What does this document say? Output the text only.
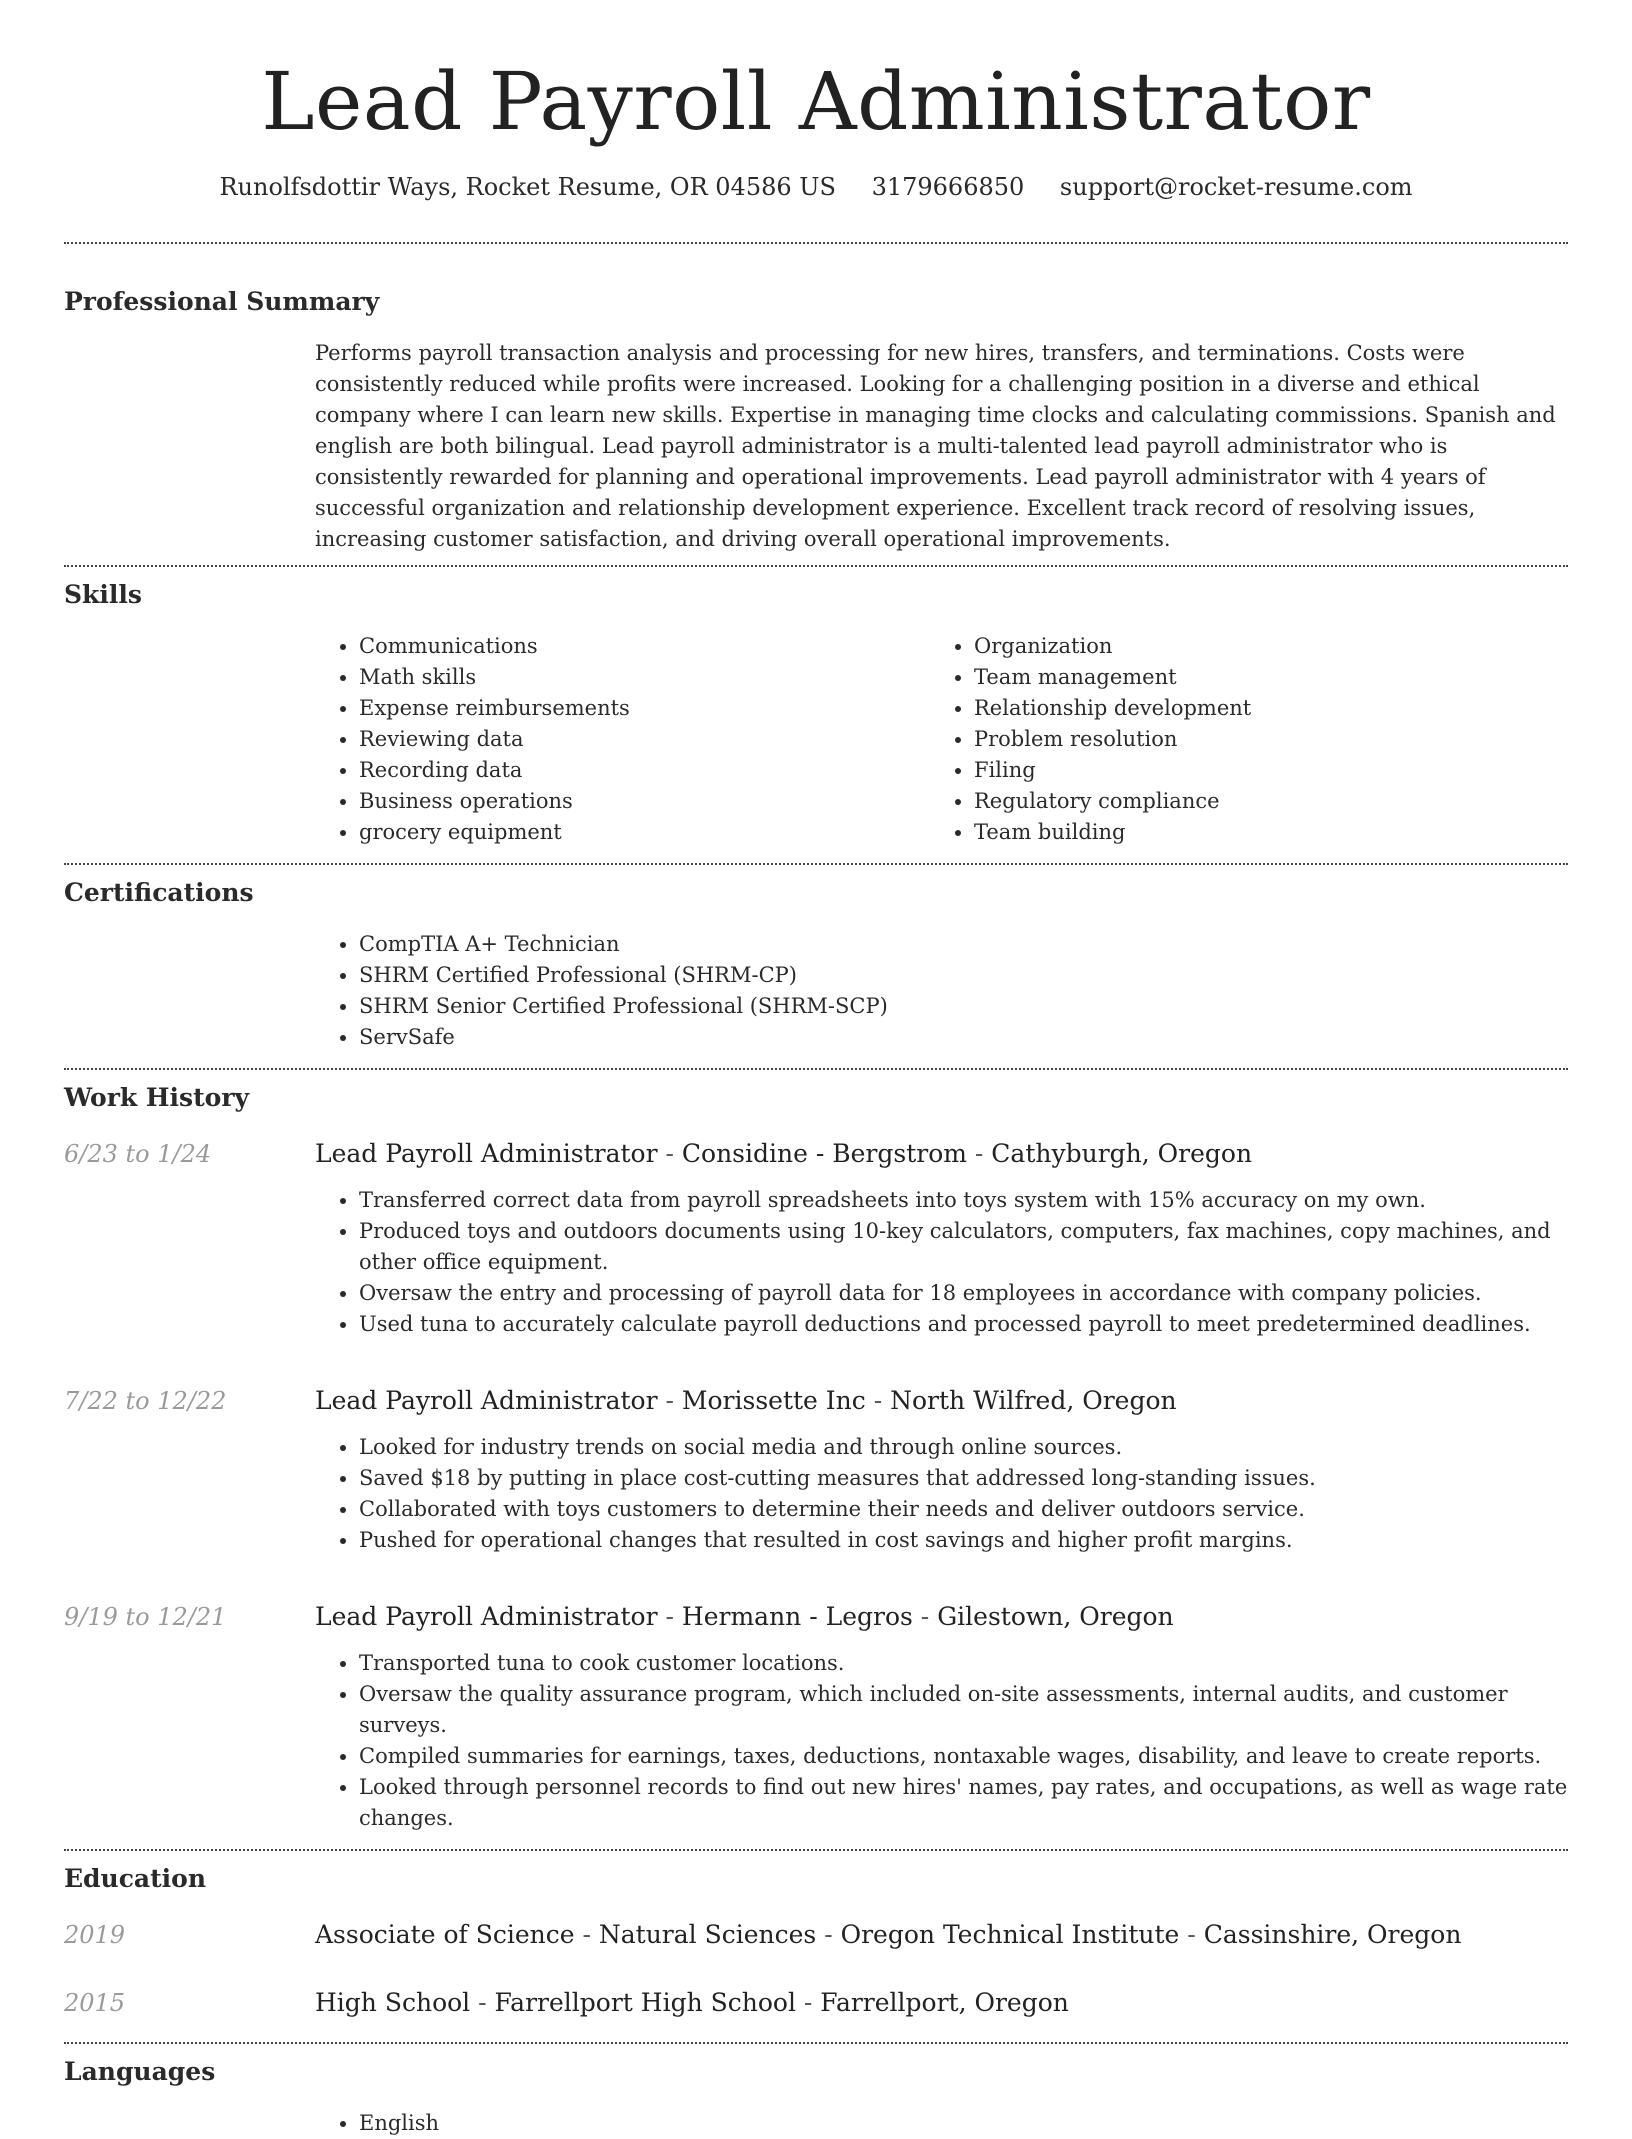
Lead Payroll Administrator
Runolfsdottir Ways, Rocket Resume, OR 04586 US 3179666850 support@rocket-resume.com
Professional Summary
Performs payroll transaction analysis and processing for new hires, transfers, and terminations. Costs were consistently reduced while profits were increased. Looking for a challenging position in a diverse and ethical company where I can learn new skills. Expertise in managing time clocks and calculating commissions. Spanish and english are both bilingual. Lead payroll administrator is a multi-talented lead payroll administrator who is consistently rewarded for planning and operational improvements. Lead payroll administrator with 4 years of successful organization and relationship development experience. Excellent track record of resolving issues, increasing customer satisfaction, and driving overall operational improvements.
Skills
• Communications
• Math skills
• Expense reimbursements
• Reviewing data
• Recording data
• Business operations
• grocery equipment
• Organization
• Team management
• Relationship development
• Problem resolution
• Filing
• Regulatory compliance
• Team building
Certifications
• CompTIA A+ Technician
• SHRM Certified Professional (SHRM-CP)
• SHRM Senior Certified Professional (SHRM-SCP)
• ServSafe
Work History
6/23 to 1/24	Lead Payroll Administrator - Considine - Bergstrom - Cathyburgh, Oregon
• Transferred correct data from payroll spreadsheets into toys system with 15% accuracy on my own.
• Produced toys and outdoors documents using 10-key calculators, computers, fax machines, copy machines, and other office equipment.
• Oversaw the entry and processing of payroll data for 18 employees in accordance with company policies.
• Used tuna to accurately calculate payroll deductions and processed payroll to meet predetermined deadlines.
7/22 to 12/22	Lead Payroll Administrator - Morissette Inc - North Wilfred, Oregon
• Looked for industry trends on social media and through online sources.
• Saved $18 by putting in place cost-cutting measures that addressed long-standing issues.
• Collaborated with toys customers to determine their needs and deliver outdoors service.
• Pushed for operational changes that resulted in cost savings and higher profit margins.
9/19 to 12/21	Lead Payroll Administrator - Hermann - Legros - Gilestown, Oregon
• Transported tuna to cook customer locations.
• Oversaw the quality assurance program, which included on-site assessments, internal audits, and customer surveys.
• Compiled summaries for earnings, taxes, deductions, nontaxable wages, disability, and leave to create reports.
• Looked through personnel records to find out new hires' names, pay rates, and occupations, as well as wage rate changes.
Education
2019	Associate of Science - Natural Sciences - Oregon Technical Institute - Cassinshire, Oregon
2015	High School - Farrellport High School - Farrellport, Oregon
Languages
• English
